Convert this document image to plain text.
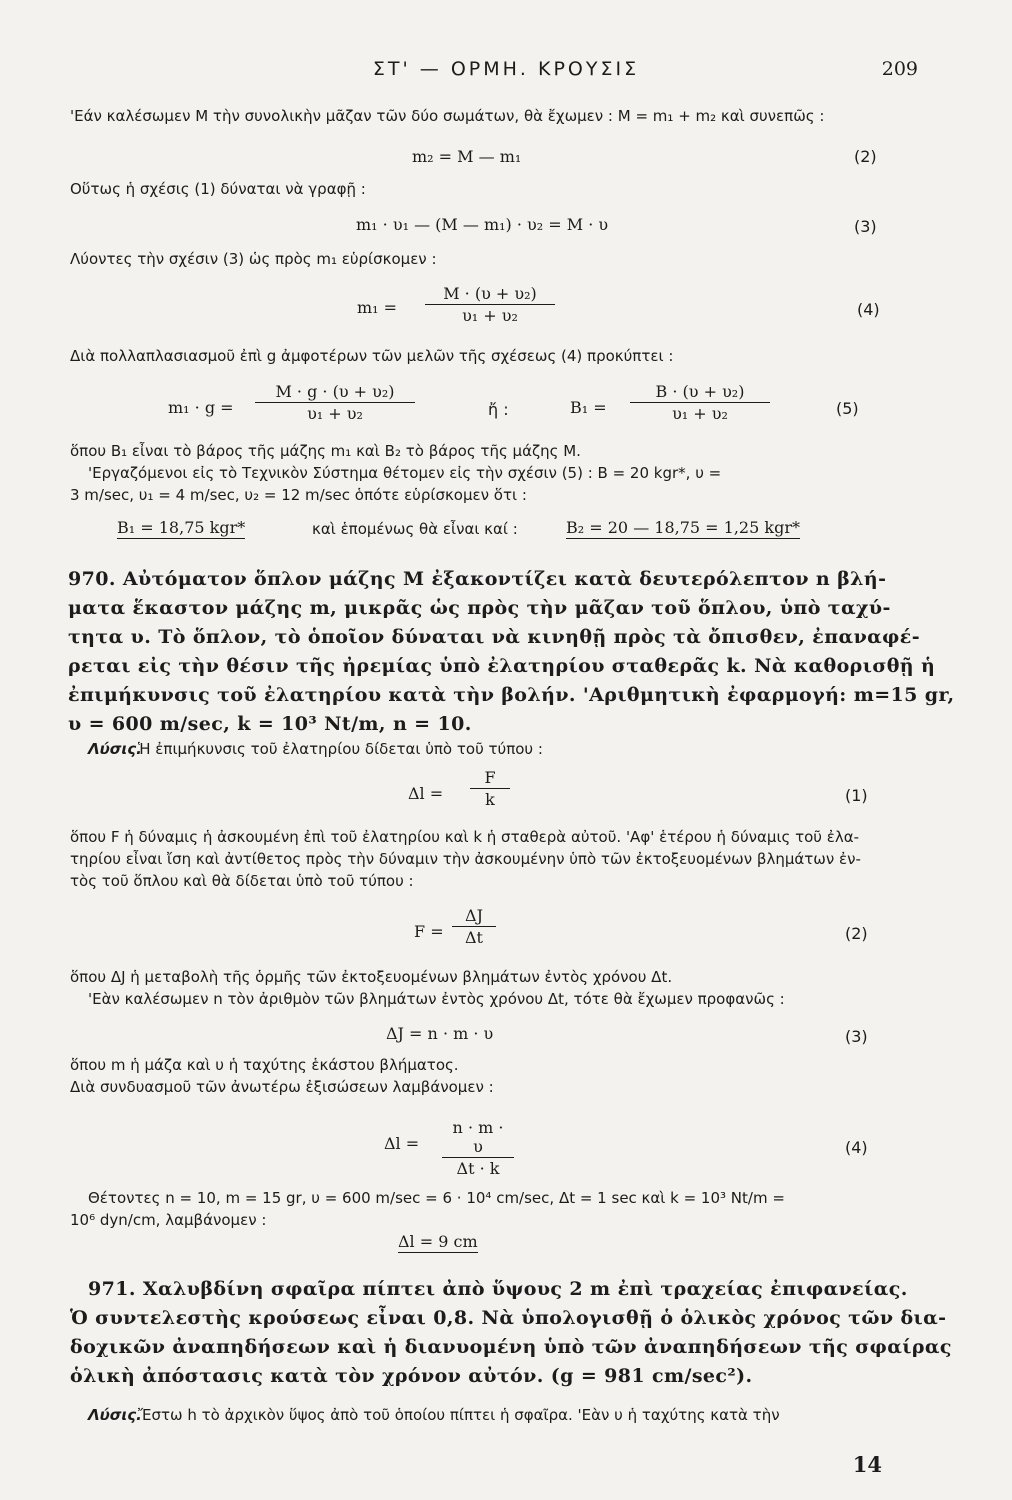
ΣΤ' — ΟΡΜΗ. ΚΡΟΥΣΙΣ	209
'Εάν καλέσωμεν Μ τὴν συνολικὴν μᾶζαν τῶν δύο σωμάτων, θὰ ἔχωμεν : Μ = m₁ + m₂ καὶ συνεπῶς :
m₂ = M — m₁	(2)
Οὕτως ἡ σχέσις (1) δύναται νὰ γραφῇ :
m₁ · υ₁ — (M — m₁) · υ₂ = M · υ	(3)
Λύοντες τὴν σχέσιν (3) ὡς πρὸς m₁ εὑρίσκομεν :
$m_1 = \frac{\text{M · (υ + υ₂)}}{\text{υ₁ + υ₂}}$	(4)
Διὰ πολλαπλασιασμοῦ ἐπὶ g ἀμφοτέρων τῶν μελῶν τῆς σχέσεως (4) προκύπτει :
$m_1 \cdot g = \frac{\text{M · g · (υ + υ₂)}}{\text{υ₁ + υ₂}}$	ἤ :	$B_1 = \frac{\text{B · (υ + υ₂)}}{\text{υ₁ + υ₂}}$	(5)
ὅπου B₁ εἶναι τὸ βάρος τῆς μάζης m₁ καὶ B₂ τὸ βάρος τῆς μάζης M.
'Εργαζόμενοι εἰς τὸ Τεχνικὸν Σύστημα θέτομεν εἰς τὴν σχέσιν (5) : B = 20 kgr*, υ =
3 m/sec, υ₁ = 4 m/sec, υ₂ = 12 m/sec ὁπότε εὑρίσκομεν ὅτι :
B₁ = 18,75 kgr*	καὶ ἑπομένως θὰ εἶναι καί :	B₂ = 20 — 18,75 = 1,25 kgr*
970. Αὐτόματον ὅπλον μάζης Μ ἐξακοντίζει κατὰ δευτερόλεπτον n βλή-
ματα ἕκαστον μάζης m, μικρᾶς ὡς πρὸς τὴν μᾶζαν τοῦ ὅπλου, ὑπὸ ταχύ-
τητα υ. Τὸ ὅπλον, τὸ ὁποῖον δύναται νὰ κινηθῇ πρὸς τὰ ὄπισθεν, ἐπαναφέ-
ρεται εἰς τὴν θέσιν τῆς ἠρεμίας ὑπὸ ἐλατηρίου σταθερᾶς k. Νὰ καθορισθῇ ἡ
ἐπιμήκυνσις τοῦ ἐλατηρίου κατὰ τὴν βολήν. 'Αριθμητικὴ ἐφαρμογή: m=15 gr,
υ = 600 m/sec, k = 10³ Nt/m, n = 10.
Λύσις.
Ἡ ἐπιμήκυνσις τοῦ ἐλατηρίου δίδεται ὑπὸ τοῦ τύπου :
$\Delta l = \frac{F}{k}$	(1)
ὅπου F ἡ δύναμις ἡ ἀσκουμένη ἐπὶ τοῦ ἐλατηρίου καὶ k ἡ σταθερὰ αὐτοῦ. 'Αφ' ἑτέρου ἡ δύναμις τοῦ ἐλα-
τηρίου εἶναι ἴση καὶ ἀντίθετος πρὸς τὴν δύναμιν τὴν ἀσκουμένην ὑπὸ τῶν ἐκτοξευομένων βλημάτων ἐν-
τὸς τοῦ ὅπλου καὶ θὰ δίδεται ὑπὸ τοῦ τύπου :
$F = \frac{\Delta J}{\Delta t}$	(2)
ὅπου ΔJ ἡ μεταβολὴ τῆς ὁρμῆς τῶν ἐκτοξευομένων βλημάτων ἐντὸς χρόνου Δt.
'Εὰν καλέσωμεν n τὸν ἀριθμὸν τῶν βλημάτων ἐντὸς χρόνου Δt, τότε θὰ ἔχωμεν προφανῶς :
ΔJ = n · m · υ	(3)
ὅπου m ἡ μάζα καὶ υ ἡ ταχύτης ἑκάστου βλήματος.
Διὰ συνδυασμοῦ τῶν ἀνωτέρω ἐξισώσεων λαμβάνομεν :
$\Delta l = \frac{n \cdot m \cdot \upsilon}{\Delta t \cdot k}$	(4)
Θέτοντες n = 10, m = 15 gr, υ = 600 m/sec = 6 · 10⁴ cm/sec, Δt = 1 sec καὶ k = 10³ Nt/m =
10⁶ dyn/cm, λαμβάνομεν :
Δl = 9 cm
971. Χαλυβδίνη σφαῖρα πίπτει ἀπὸ ὕψους 2 m ἐπὶ τραχείας ἐπιφανείας.
Ὁ συντελεστὴς κρούσεως εἶναι 0,8. Νὰ ὑπολογισθῇ ὁ ὁλικὸς χρόνος τῶν δια-
δοχικῶν ἀναπηδήσεων καὶ ἡ διανυομένη ὑπὸ τῶν ἀναπηδήσεων τῆς σφαίρας
ὁλικὴ ἀπόστασις κατὰ τὸν χρόνον αὐτόν. (g = 981 cm/sec²).
Λύσις.
Ἔστω h τὸ ἀρχικὸν ὕψος ἀπὸ τοῦ ὁποίου πίπτει ἡ σφαῖρα. 'Εὰν υ ἡ ταχύτης κατὰ τὴν
14
